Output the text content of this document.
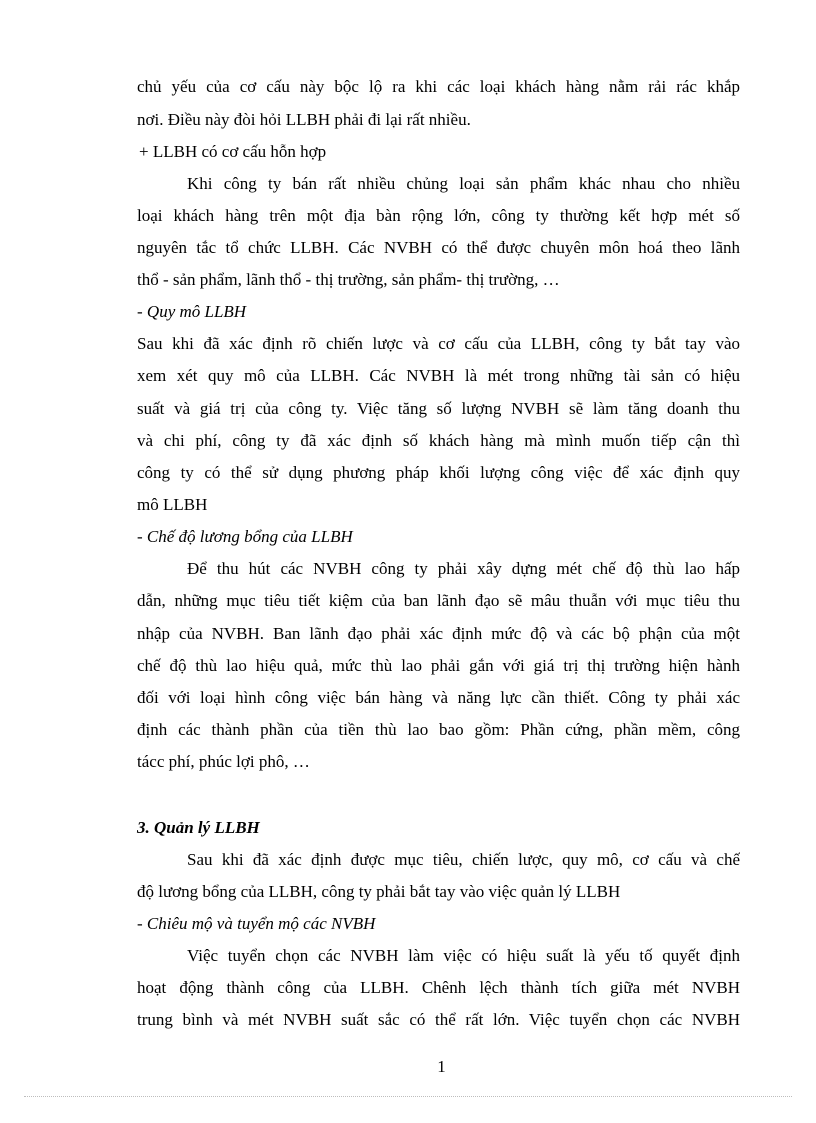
chủ yếu của cơ cấu này bộc lộ ra khi các loại khách hàng nằm rải rác khắp
nơi. Điều này đòi hỏi LLBH phải đi lại rất nhiều.
+ LLBH có cơ cấu hỗn hợp
Khi công ty bán rất nhiều chủng loại sản phẩm khác nhau cho nhiều
loại khách hàng trên một địa bàn rộng lớn, công ty thường kết hợp mét số
nguyên tắc tổ chức LLBH. Các NVBH có thể được chuyên môn hoá theo lãnh
thổ - sản phẩm, lãnh thổ - thị trường, sản phẩm- thị trường, …
- Quy mô LLBH
Sau khi đã xác định rõ chiến lược và cơ cấu của LLBH, công ty bắt tay vào
xem xét quy mô của LLBH. Các NVBH là mét trong những tài sản có hiệu
suất và giá trị của công ty. Việc tăng số lượng NVBH sẽ làm tăng doanh thu
và chi phí, công ty đã xác định số khách hàng mà mình muốn tiếp cận thì
công ty có thể sử dụng phương pháp khối lượng công việc để xác định quy
mô LLBH
- Chế độ lương bổng của LLBH
Để thu hút các NVBH công ty phải xây dựng mét chế độ thù lao hấp
dẫn, những mục tiêu tiết kiệm của ban lãnh đạo sẽ mâu thuẫn với mục tiêu thu
nhập của NVBH. Ban lãnh đạo phải xác định mức độ và các bộ phận của một
chế độ thù lao hiệu quả, mức thù lao phải gắn với giá trị thị trường hiện hành
đối với loại hình công việc bán hàng và năng lực cần thiết. Công ty phải xác
định các thành phần của tiền thù lao bao gồm: Phần cứng, phần mềm, công
tácc phí, phúc lợi phô, …
3. Quản lý LLBH
Sau khi đã xác định được mục tiêu, chiến lược, quy mô, cơ cấu và chế
độ lương bổng của LLBH, công ty phải bắt tay vào việc quản lý LLBH
- Chiêu mộ và tuyển mộ các NVBH
Việc tuyển chọn các NVBH làm việc có hiệu suất là yếu tố quyết định
hoạt động thành công của LLBH. Chênh lệch thành tích giữa mét NVBH
trung bình và mét NVBH suất sắc có thể rất lớn. Việc tuyển chọn các NVBH
1
